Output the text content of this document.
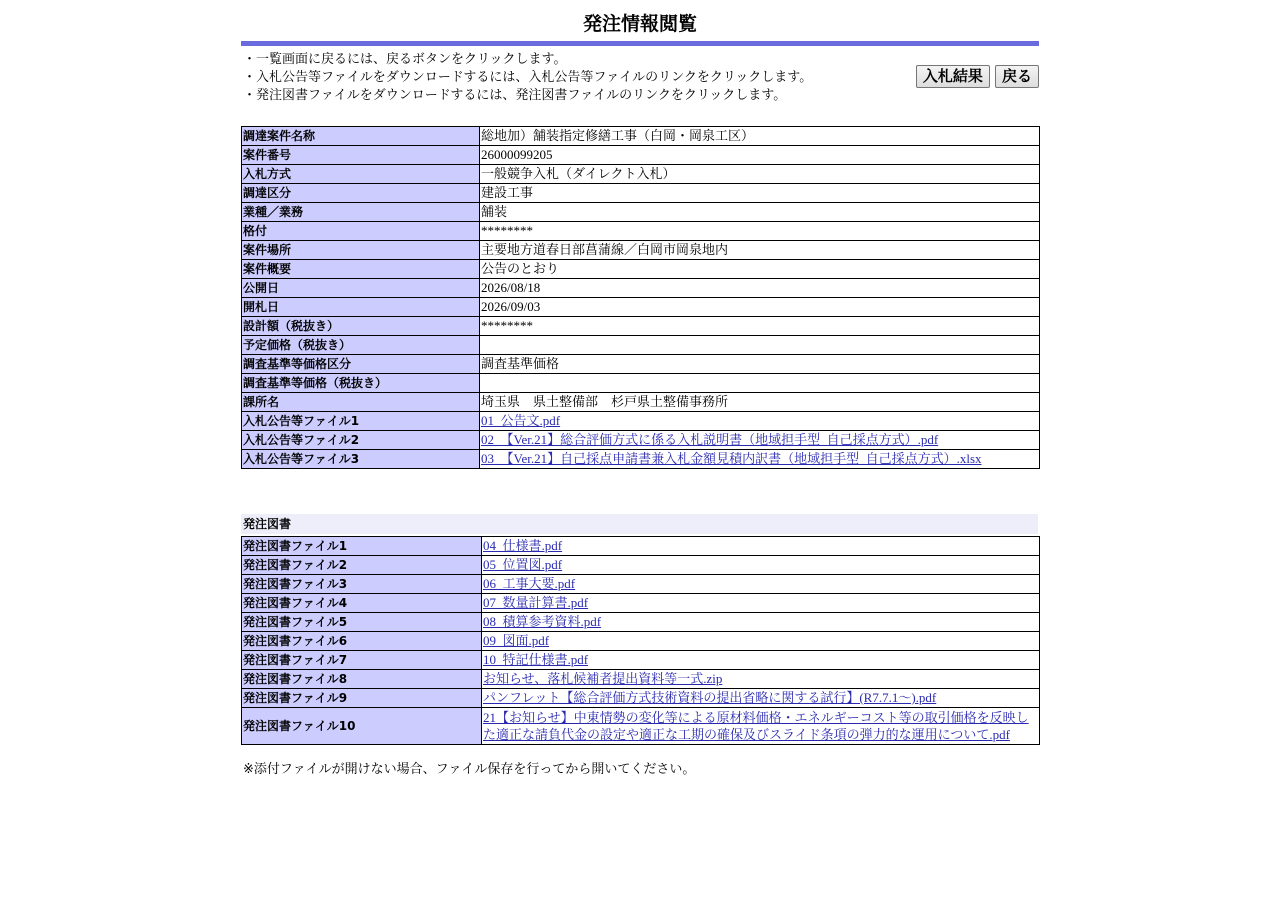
発注情報閲覧
・一覧画面に戻るには、戻るボタンをクリックします。
・入札公告等ファイルをダウンロードするには、入札公告等ファイルのリンクをクリックします。
・発注図書ファイルをダウンロードするには、発注図書ファイルのリンクをクリックします。
入札結果 戻る
調達案件名称	総地加）舗装指定修繕工事（白岡・岡泉工区）
案件番号	26000099205
入札方式	一般競争入札（ダイレクト入札）
調達区分	建設工事
業種／業務	舗装
格付	********
案件場所	主要地方道春日部菖蒲線／白岡市岡泉地内
案件概要	公告のとおり
公開日	2026/08/18
開札日	2026/09/03
設計額（税抜き）	********
予定価格（税抜き）	
調査基準等価格区分	調査基準価格
調査基準等価格（税抜き）	
課所名	埼玉県　県土整備部　杉戸県土整備事務所
入札公告等ファイル1	01_公告文.pdf
入札公告等ファイル2	02_【Ver.21】総合評価方式に係る入札説明書（地域担手型_自己採点方式）.pdf
入札公告等ファイル3	03_【Ver.21】自己採点申請書兼入札金額見積内訳書（地域担手型_自己採点方式）.xlsx
発注図書
発注図書ファイル1	04_仕様書.pdf
発注図書ファイル2	05_位置図.pdf
発注図書ファイル3	06_工事大要.pdf
発注図書ファイル4	07_数量計算書.pdf
発注図書ファイル5	08_積算参考資料.pdf
発注図書ファイル6	09_図面.pdf
発注図書ファイル7	10_特記仕様書.pdf
発注図書ファイル8	お知らせ、落札候補者提出資料等一式.zip
発注図書ファイル9	パンフレット【総合評価方式技術資料の提出省略に関する試行】(R7.7.1～).pdf
発注図書ファイル10	21【お知らせ】中東情勢の変化等による原材料価格・エネルギーコスト等の取引価格を反映した適正な請負代金の設定や適正な工期の確保及びスライド条項の弾力的な運用について.pdf
※添付ファイルが開けない場合、ファイル保存を行ってから開いてください。
